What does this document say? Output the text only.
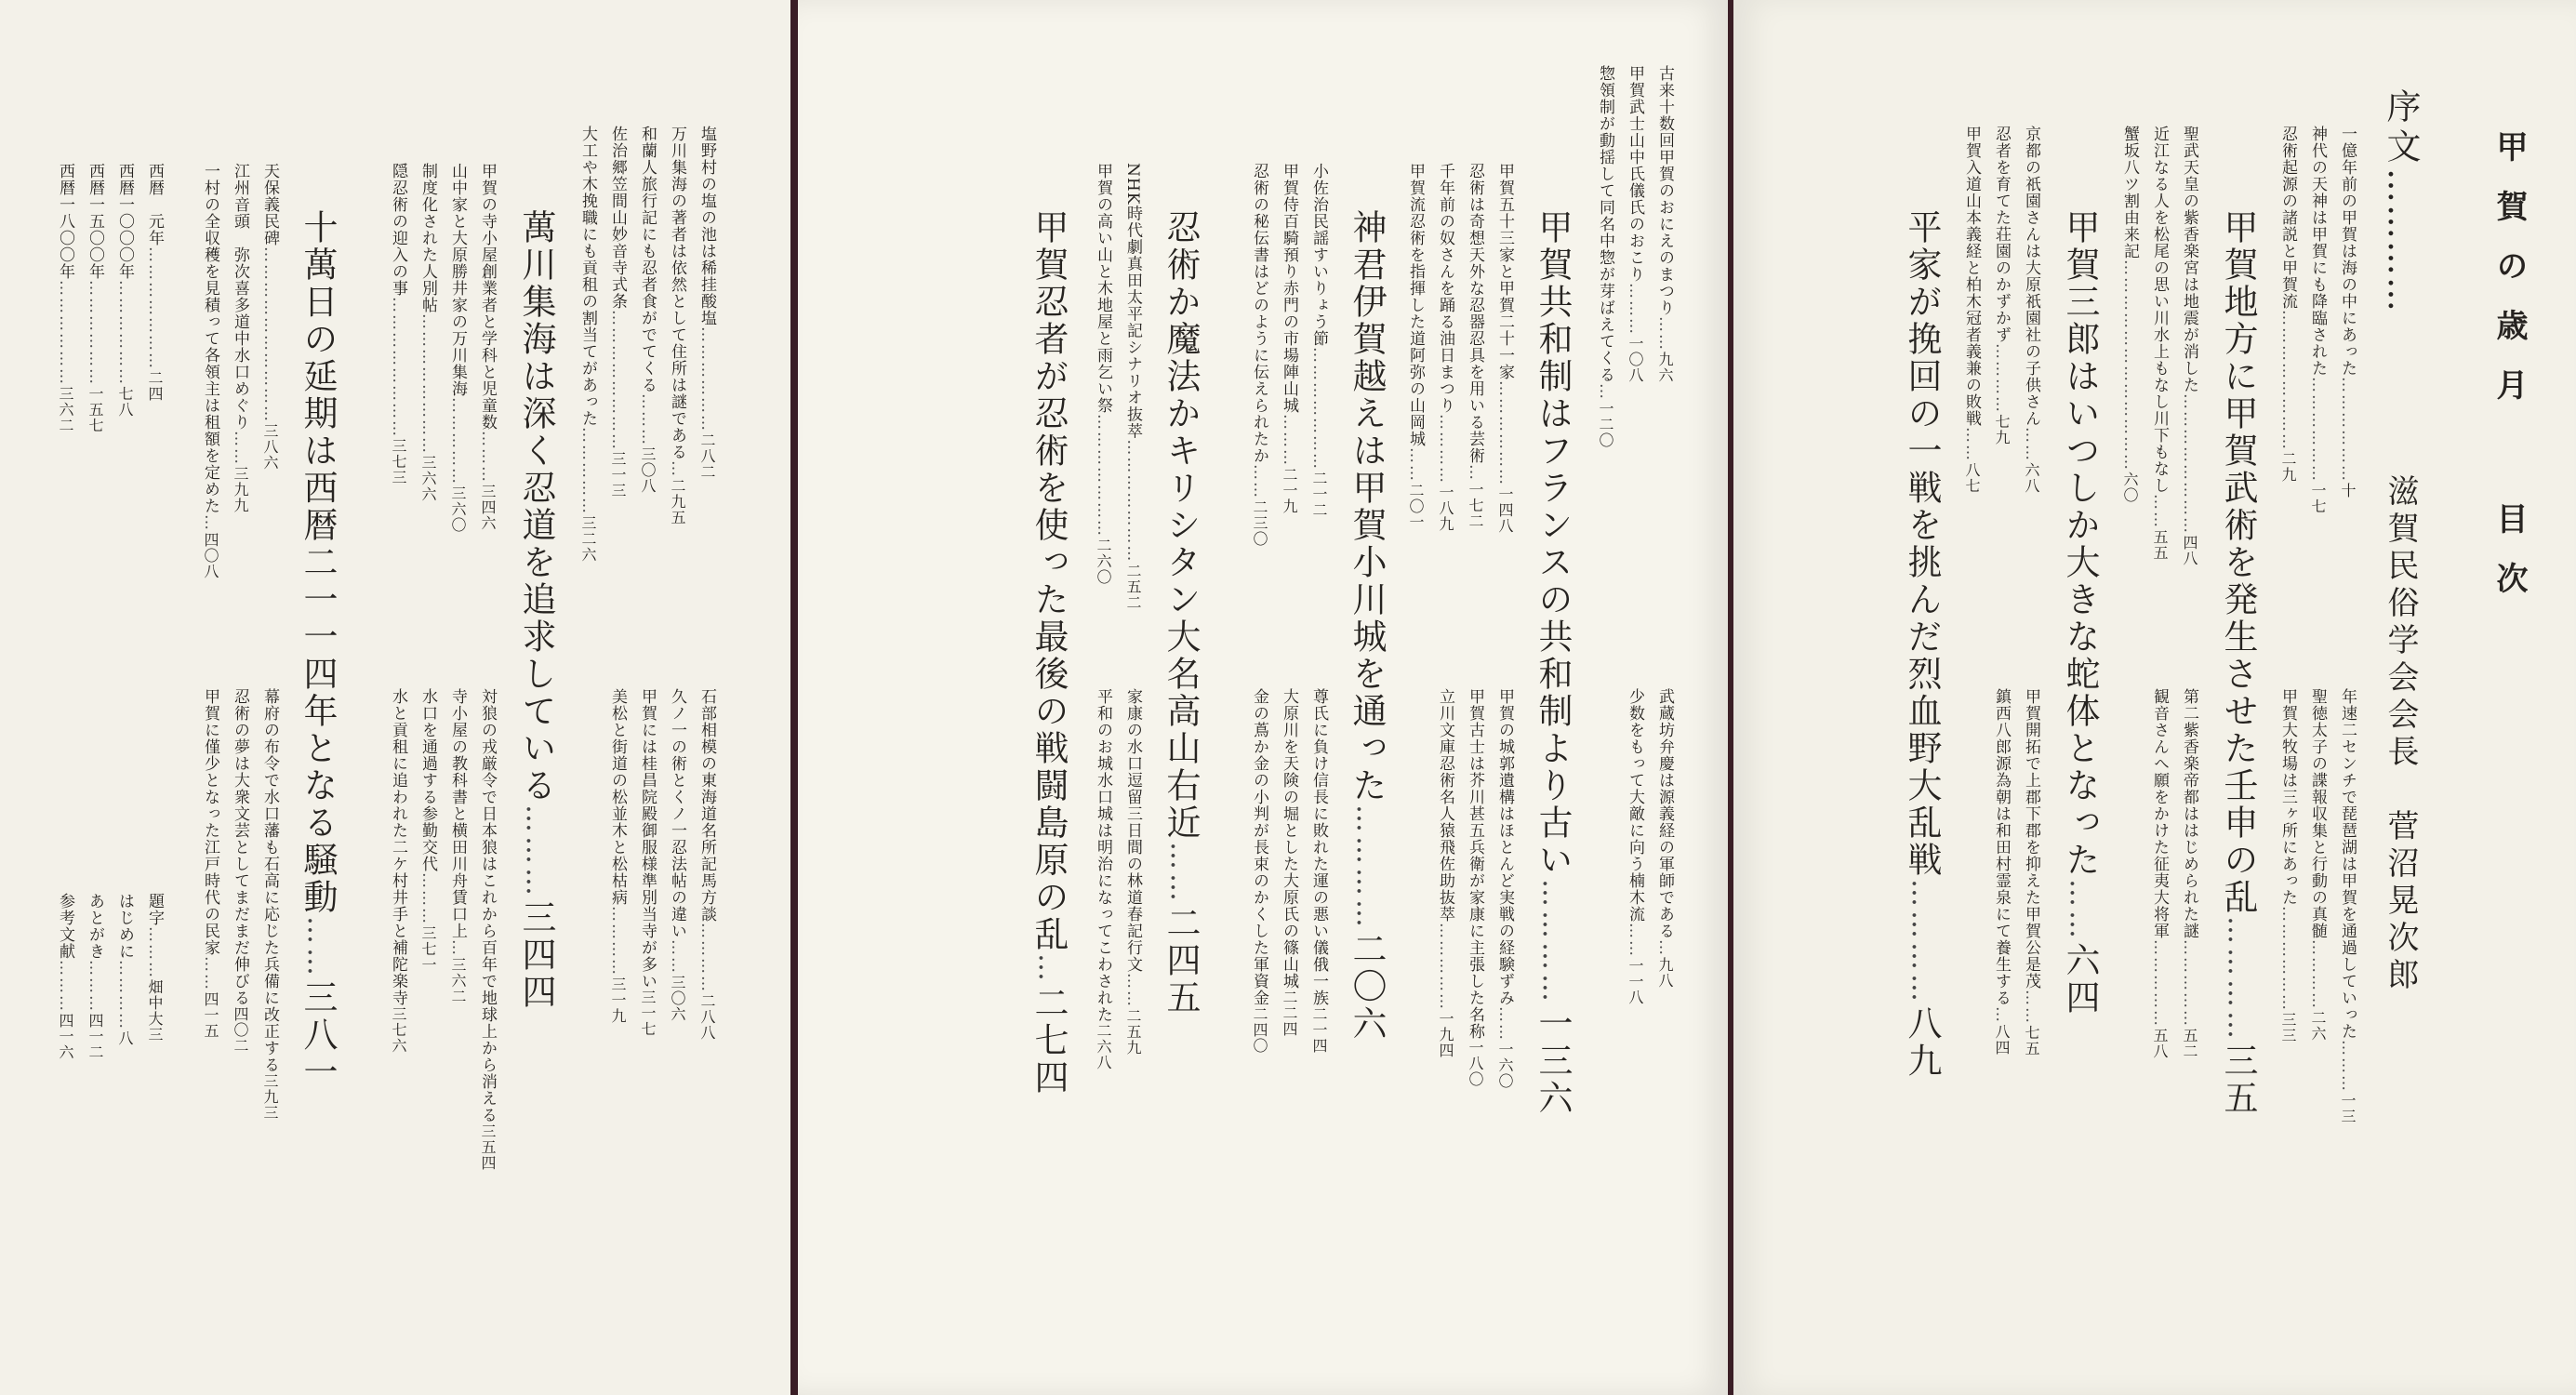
甲賀の歳月
目次
序文…………
滋賀民俗学会会長　菅沼晃次郎
一億年前の甲賀は海の中にあった………………十
神代の天神は甲賀にも降臨された………………一七
忍術起源の諸説と甲賀流……………………二九
年速二センチで琵琶湖は甲賀を通過していった………一三
聖徳太子の諜報収集と行動の真髄…………二六
甲賀大牧場は三ヶ所にあった………………三三
甲賀地方に甲賀武術を発生させた壬申の乱…………三五
聖武天皇の紫香楽宮は地震が消した……………………四八
近江なる人を松尾の思い川水上もなし川下もなし……五五
蟹坂八ツ割由来記………………………………六〇
第二紫香楽帝都ははじめられた謎……………五二
観音さんへ願をかけた征夷大将軍……………五八
甲賀三郎はいつしか大きな蛇体となった……六四
京都の祇園さんは大原祇園社の子供さん……六八
忍者を育てた荘園のかずかず…………七九
甲賀入道山本義経と柏木冠者義兼の敗戦……八七
甲賀開拓で上郡下郡を抑えた甲賀公是茂……七五
鎮西八郎源為朝は和田村霊泉にて養生する…八四
平家が挽回の一戦を挑んだ烈血野大乱戦…………八九
古来十数回甲賀のおにえのまつり……九六
甲賀武士山中氏儀氏のおこり………一〇八
惣領制が動揺して同名中惣が芽ばえてくる…一二〇
武蔵坊弁慶は源義経の軍師である…九八
少数をもって大敵に向う楠木流……一一八
甲賀共和制はフランスの共和制より古い…………一三六
甲賀五十三家と甲賀二十一家………………一四八
忍術は奇想天外な忍器忍具を用いる芸術…一七二
千年前の奴さんを踊る油日まつり…………一八九
甲賀流忍術を指揮した道阿弥の山岡城……二〇一
甲賀の城郭遺構はほとんど実戦の経験ずみ……一六〇
甲賀古士は芥川甚五兵衛が家康に主張した名称一八〇
立川文庫忍術名人猿飛佐助抜萃……………一九四
神君伊賀越えは甲賀小川城を通った…………二〇六
小佐治民謡すいりょう節…………………二一二
甲賀侍百騎預り赤門の市場陣山城………二一九
忍術の秘伝書はどのように伝えられたか……二三〇
尊氏に負け信長に敗れた運の悪い儀俄一族二一四
大原川を天険の堀とした大原氏の篠山城二二四
金の蔦か金の小判が長束のかくした軍資金二四〇
忍術か魔法かキリシタン大名高山右近……二四五
NHK時代劇真田太平記シナリオ抜萃…………………二五二
甲賀の高い山と木地屋と雨乞い祭…………………二六〇
家康の水口逗留三日間の林道春記行文……二五九
平和のお城水口城は明治になってこわされた二六八
甲賀忍者が忍術を使った最後の戦闘島原の乱…二七四
塩野村の塩の池は稀挂酸塩………………二八二
万川集海の著者は依然として住所は謎である…二九五
和蘭人旅行記にも忍者食がでてくる………三〇八
佐治郷笠間山妙音寺式条……………………三一三
大工や木挽職にも貢租の割当てがあった……………三二六
石部相模の東海道名所記馬方談…………二八八
久ノ一の術とくノ一忍法帖の違い……三〇六
甲賀には桂昌院殿御服様準別当寺が多い三一七
美松と街道の松並木と松枯病…………三一九
萬川集海は深く忍道を追求している………三四四
甲賀の寺小屋創業者と学科と児童数………三四六
山中家と大原勝井家の万川集海……………三六〇
制度化された人別帖……………………三六六
隠忍術の迎入の事……………………三七三
対狼の戎厳令で日本狼はこれから百年で地球上から消える三五四
寺小屋の教科書と横田川舟賃口上…三六二
水口を通過する参勤交代………三七一
水と貢租に追われた二ケ村井手と補陀楽寺三七六
十萬日の延期は西暦二一一四年となる騒動……三八一
天保義民碑…………………………三八六
江州音頭　弥次喜多道中水口めぐり……三九九
一村の全収穫を見積って各領主は租額を定めた…四〇八
幕府の布令で水口藩も石高に応じた兵備に改正する三九三
忍術の夢は大衆文芸としてまだまだ伸びる四〇二
甲賀に僅少となった江戸時代の民家……四一五
西暦　元年…………………二四
西暦一〇〇〇年………………七八
西暦一五〇〇年………………一五七
西暦一八〇〇年………………三六二
題字………畑中大三
はじめに…………八
あとがき………四一二
参考文献………四一六
